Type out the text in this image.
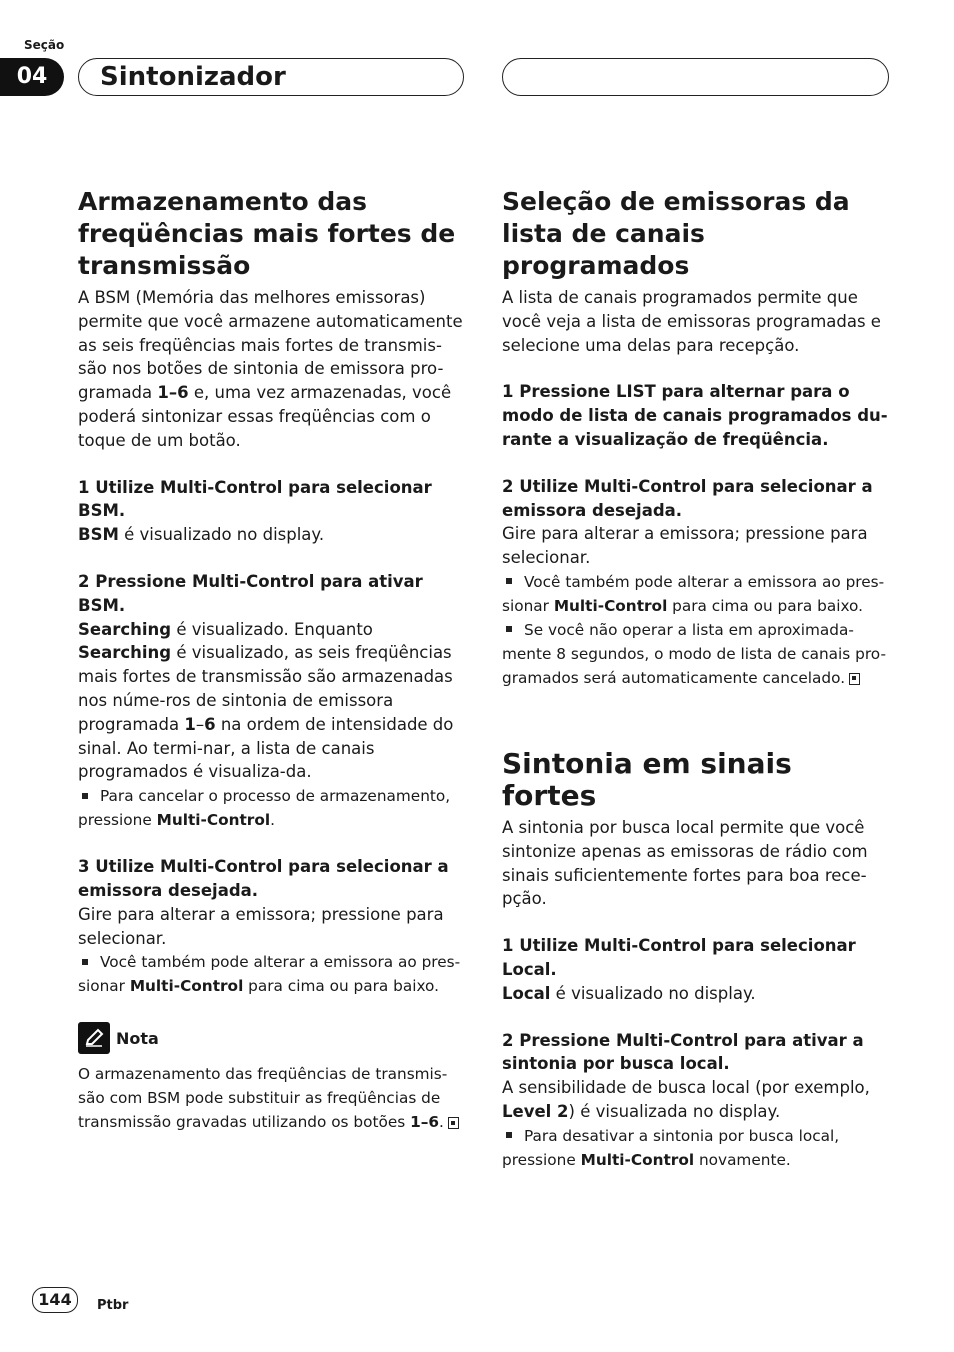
Seção
04	Sintonizador
Armazenamento das freqüências mais fortes de transmissão

A BSM (Memória das melhores emissoras) permite que você armazene automaticamente as seis freqüências mais fortes de transmis-são nos botões de sintonia de emissora pro-gramada 1–6 e, uma vez armazenadas, você poderá sintonizar essas freqüências com o toque de um botão.

1 Utilize Multi-Control para selecionar BSM.

BSM é visualizado no display.

2 Pressione Multi-Control para ativar BSM.

Searching é visualizado. Enquanto Searching é visualizado, as seis freqüências mais fortes de transmissão são armazenadas nos núme-ros de sintonia de emissora programada 1–6 na ordem de intensidade do sinal. Ao termi-nar, a lista de canais programados é visualiza-da.

Para cancelar o processo de armazenamento, pressione Multi-Control.

3 Utilize Multi-Control para selecionar a emissora desejada.

Gire para alterar a emissora; pressione para selecionar.

Você também pode alterar a emissora ao pres-sionar Multi-Control para cima ou para baixo.

Nota

O armazenamento das freqüências de transmis-são com BSM pode substituir as freqüências de transmissão gravadas utilizando os botões 1–6.

Seleção de emissoras da lista de canais programados

A lista de canais programados permite que você veja a lista de emissoras programadas e selecione uma delas para recepção.

1 Pressione LIST para alternar para o modo de lista de canais programados du-rante a visualização de freqüência.

2 Utilize Multi-Control para selecionar a emissora desejada.

Gire para alterar a emissora; pressione para selecionar.

Você também pode alterar a emissora ao pres-sionar Multi-Control para cima ou para baixo.

Se você não operar a lista em aproximada-mente 8 segundos, o modo de lista de canais pro-gramados será automaticamente cancelado.

Sintonia em sinais fortes

A sintonia por busca local permite que você sintonize apenas as emissoras de rádio com sinais suficientemente fortes para boa rece-pção.

1 Utilize Multi-Control para selecionar Local.

Local é visualizado no display.

2 Pressione Multi-Control para ativar a sintonia por busca local.

A sensibilidade de busca local (por exemplo, Level 2) é visualizada no display.

Para desativar a sintonia por busca local, pressione Multi-Control novamente.

144	Ptbr
